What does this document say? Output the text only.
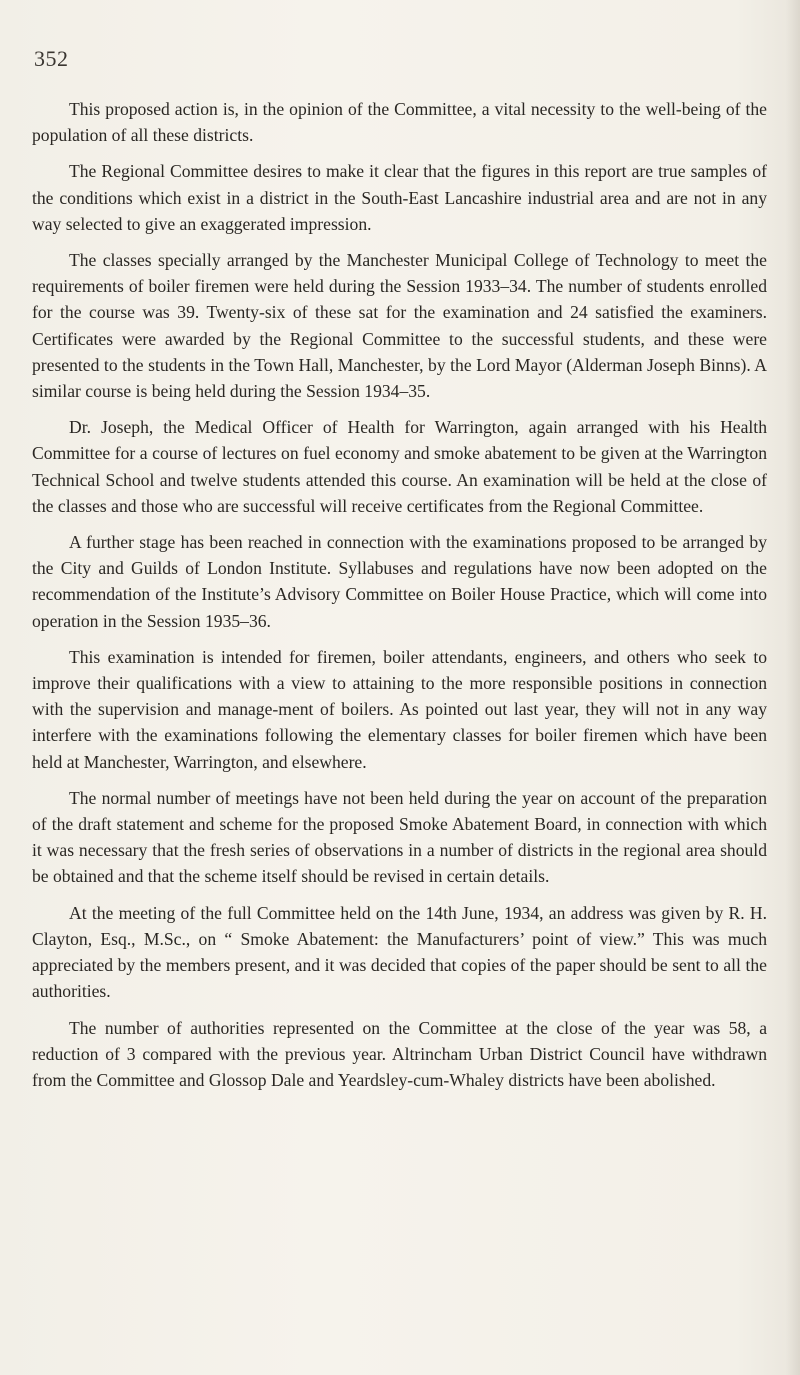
352

This proposed action is, in the opinion of the Committee, a vital necessity to the well-being of the population of all these districts.

The Regional Committee desires to make it clear that the figures in this report are true samples of the conditions which exist in a district in the South-East Lancashire industrial area and are not in any way selected to give an exaggerated impression.

The classes specially arranged by the Manchester Municipal College of Technology to meet the requirements of boiler firemen were held during the Session 1933–34. The number of students enrolled for the course was 39. Twenty-six of these sat for the examination and 24 satisfied the examiners. Certificates were awarded by the Regional Committee to the successful students, and these were presented to the students in the Town Hall, Manchester, by the Lord Mayor (Alderman Joseph Binns). A similar course is being held during the Session 1934–35.

Dr. Joseph, the Medical Officer of Health for Warrington, again arranged with his Health Committee for a course of lectures on fuel economy and smoke abatement to be given at the Warrington Technical School and twelve students attended this course. An examination will be held at the close of the classes and those who are successful will receive certificates from the Regional Committee.

A further stage has been reached in connection with the examinations proposed to be arranged by the City and Guilds of London Institute. Syllabuses and regulations have now been adopted on the recommendation of the Institute’s Advisory Committee on Boiler House Practice, which will come into operation in the Session 1935–36.

This examination is intended for firemen, boiler attendants, engineers, and others who seek to improve their qualifications with a view to attaining to the more responsible positions in connection with the supervision and manage-ment of boilers. As pointed out last year, they will not in any way interfere with the examinations following the elementary classes for boiler firemen which have been held at Manchester, Warrington, and elsewhere.

The normal number of meetings have not been held during the year on account of the preparation of the draft statement and scheme for the proposed Smoke Abatement Board, in connection with which it was necessary that the fresh series of observations in a number of districts in the regional area should be obtained and that the scheme itself should be revised in certain details.

At the meeting of the full Committee held on the 14th June, 1934, an address was given by R. H. Clayton, Esq., M.Sc., on “ Smoke Abatement: the Manufacturers’ point of view.” This was much appreciated by the members present, and it was decided that copies of the paper should be sent to all the authorities.

The number of authorities represented on the Committee at the close of the year was 58, a reduction of 3 compared with the previous year. Altrincham Urban District Council have withdrawn from the Committee and Glossop Dale and Yeardsley-cum-Whaley districts have been abolished.
